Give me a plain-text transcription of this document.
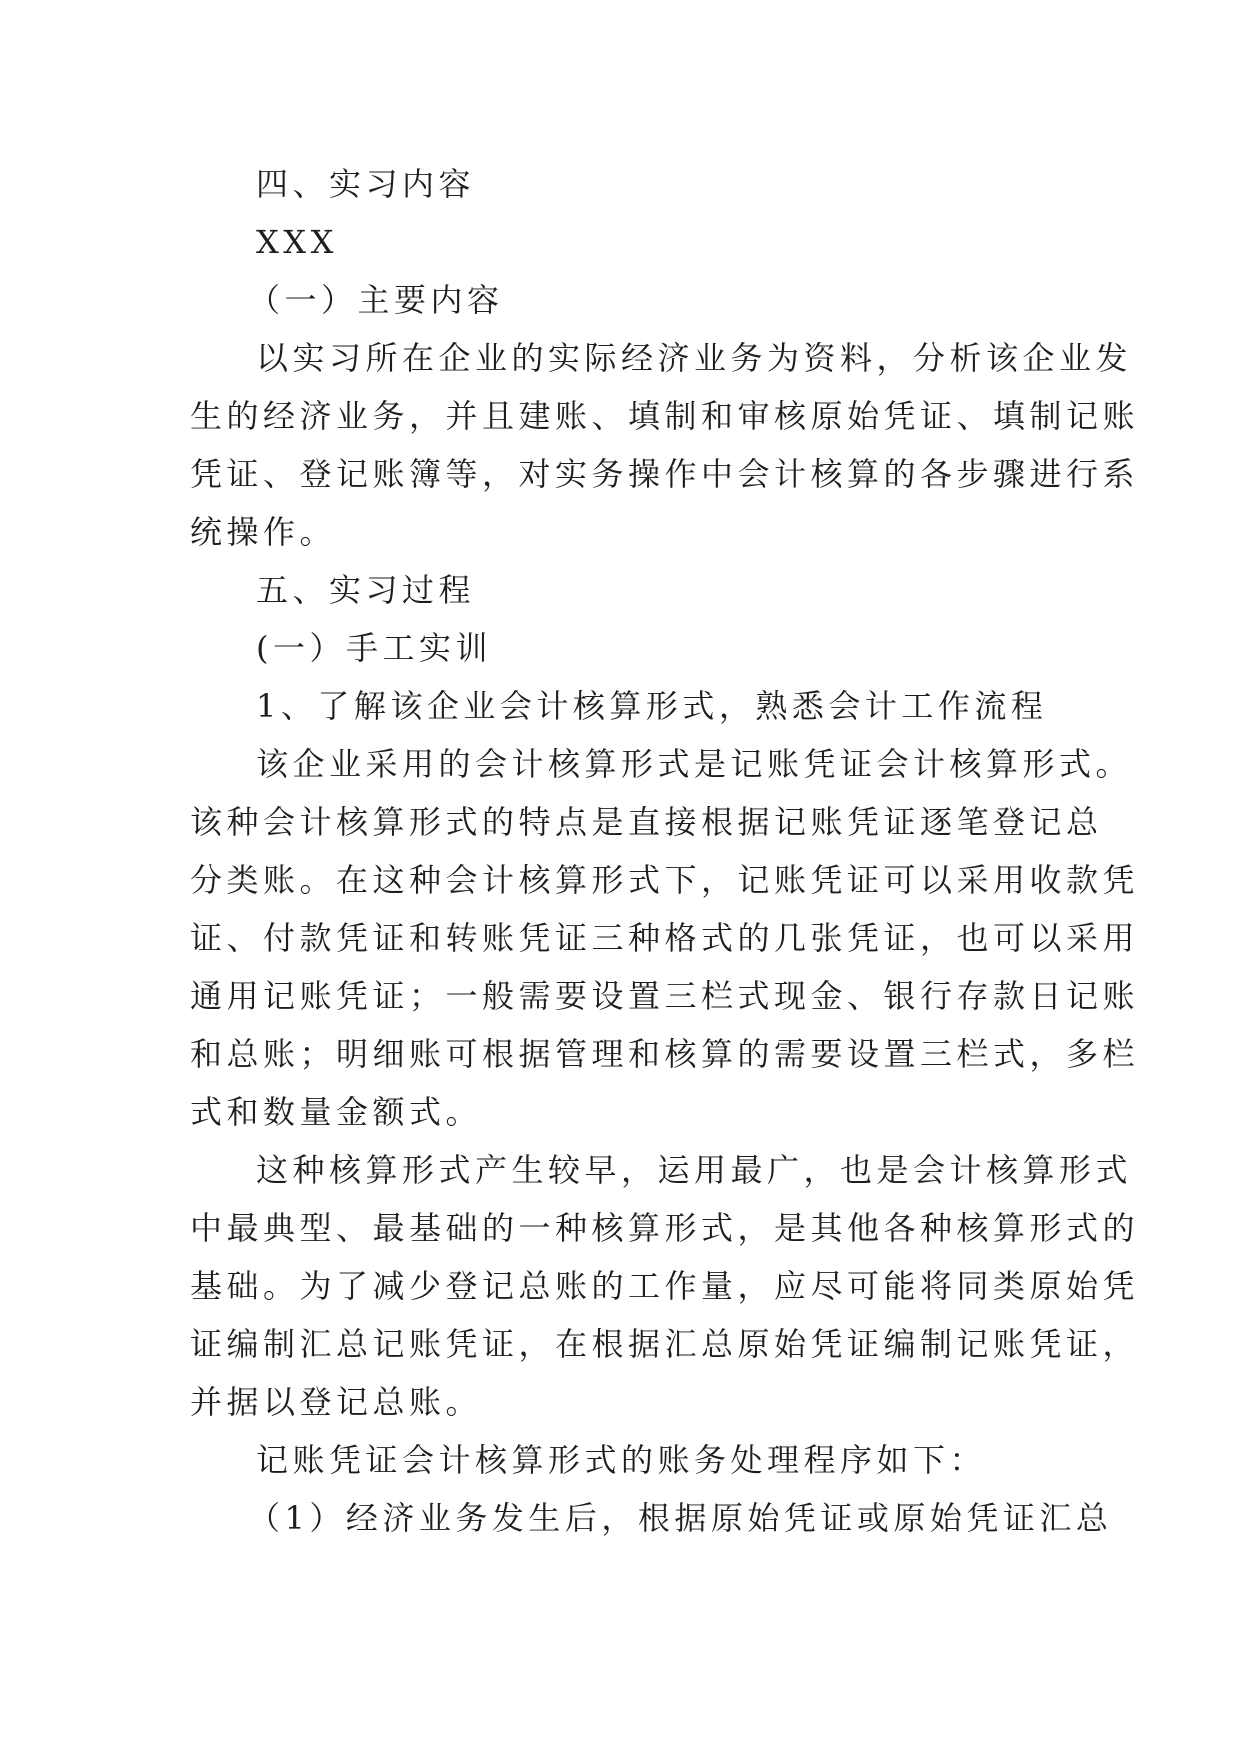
四、实习内容
XXX
（一）主要内容
以实习所在企业的实际经济业务为资料，分析该企业发
生的经济业务，并且建账、填制和审核原始凭证、填制记账
凭证、登记账簿等，对实务操作中会计核算的各步骤进行系
统操作。
五、实习过程
(一）手工实训
1、了解该企业会计核算形式，熟悉会计工作流程
该企业采用的会计核算形式是记账凭证会计核算形式。
该种会计核算形式的特点是直接根据记账凭证逐笔登记总
分类账。在这种会计核算形式下，记账凭证可以采用收款凭
证、付款凭证和转账凭证三种格式的几张凭证，也可以采用
通用记账凭证；一般需要设置三栏式现金、银行存款日记账
和总账；明细账可根据管理和核算的需要设置三栏式，多栏
式和数量金额式。
这种核算形式产生较早，运用最广，也是会计核算形式
中最典型、最基础的一种核算形式，是其他各种核算形式的
基础。为了减少登记总账的工作量，应尽可能将同类原始凭
证编制汇总记账凭证，在根据汇总原始凭证编制记账凭证，
并据以登记总账。
记账凭证会计核算形式的账务处理程序如下：
（1）经济业务发生后，根据原始凭证或原始凭证汇总
